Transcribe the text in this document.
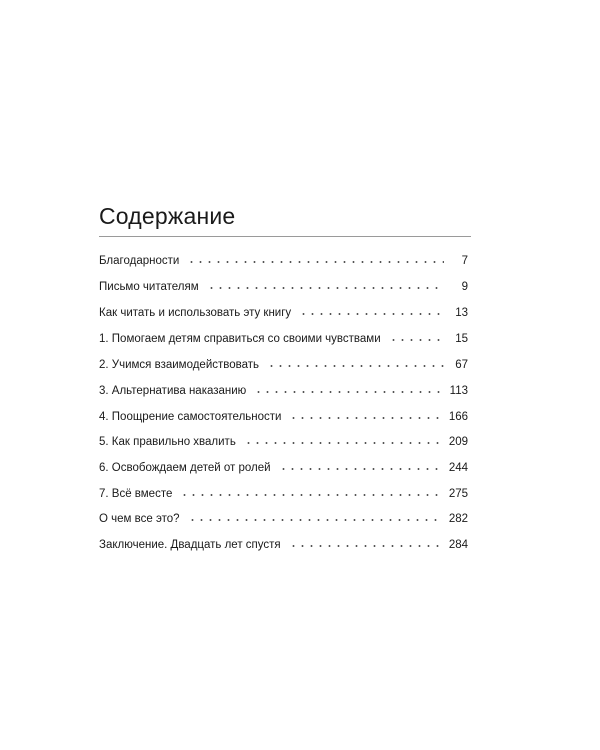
Содержание
Благодарности	7
Письмо читателям	9
Как читать и использовать эту книгу	13
1. Помогаем детям справиться со своими чувствами	15
2. Учимся взаимодействовать	67
3. Альтернатива наказанию	113
4. Поощрение самостоятельности	166
5. Как правильно хвалить	209
6. Освобождаем детей от ролей	244
7. Всё вместе	275
О чем все это?	282
Заключение. Двадцать лет спустя	284
